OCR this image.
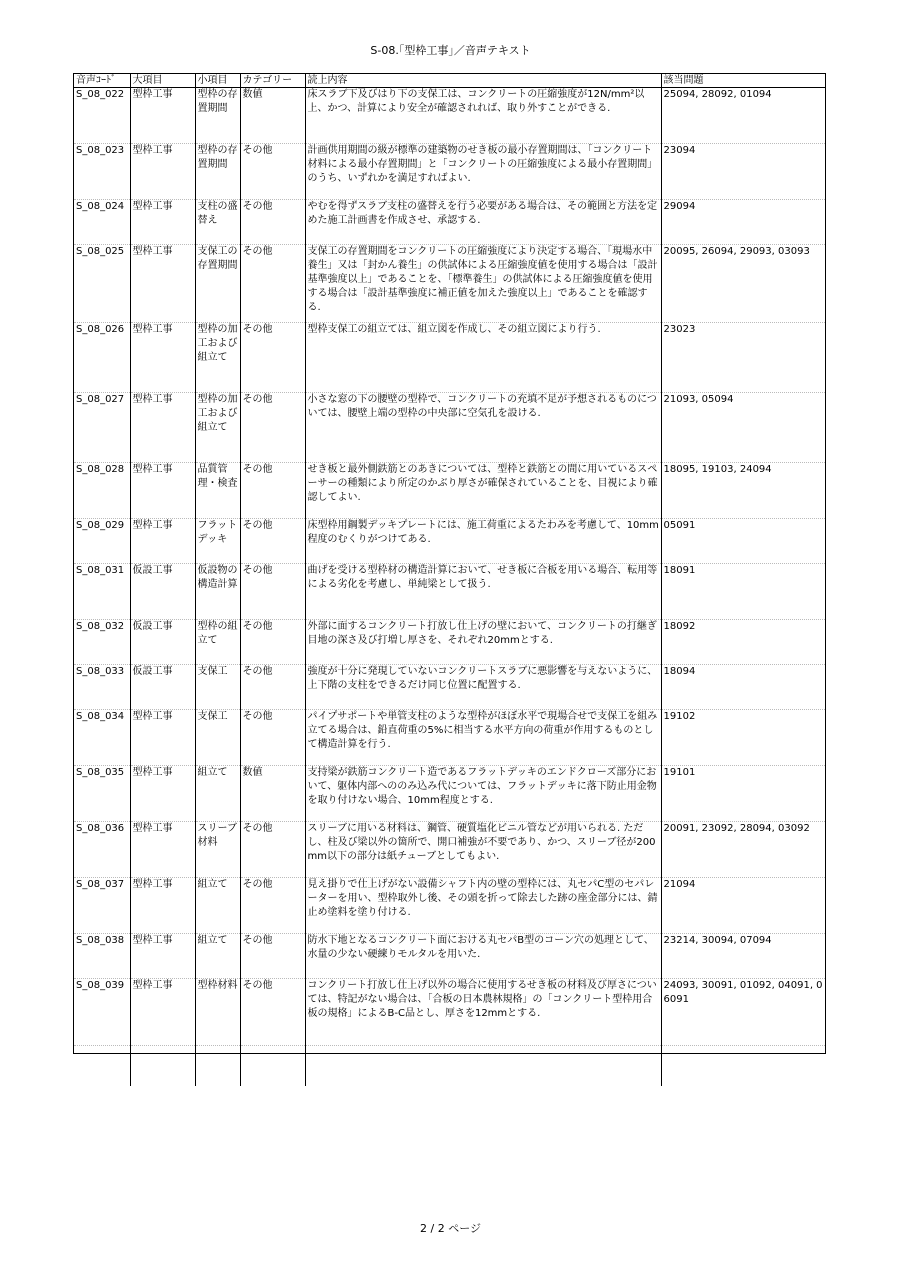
S-08.｢型枠工事｣／音声テキスト
音声ｺｰﾄﾞ	大項目	小項目	カテゴリー	読上内容	該当問題
S_08_022	型枠工事	型枠の存置期間	数値	床スラブ下及びはり下の支保工は、コンクリートの圧縮強度が12N/mm²以上、かつ、計算により安全が確認されれば、取り外すことができる.	25094, 28092, 01094
S_08_023	型枠工事	型枠の存置期間	その他	計画供用期間の級が標準の建築物のせき板の最小存置期間は、「コンクリート材料による最小存置期間」と「コンクリートの圧縮強度による最小存置期間」のうち、いずれかを満足すればよい.	23094
S_08_024	型枠工事	支柱の盛替え	その他	やむを得ずスラブ支柱の盛替えを行う必要がある場合は、その範囲と方法を定めた施工計画書を作成させ、承認する.	29094
S_08_025	型枠工事	支保工の存置期間	その他	支保工の存置期間をコンクリートの圧縮強度により決定する場合、「現場水中養生」又は「封かん養生」の供試体による圧縮強度値を使用する場合は「設計基準強度以上」であることを、「標準養生」の供試体による圧縮強度値を使用する場合は「設計基準強度に補正値を加えた強度以上」であることを確認する.	20095, 26094, 29093, 03093
S_08_026	型枠工事	型枠の加工および組立て	その他	型枠支保工の組立ては、組立図を作成し、その組立図により行う.	23023
S_08_027	型枠工事	型枠の加工および組立て	その他	小さな窓の下の腰壁の型枠で、コンクリートの充填不足が予想されるものについては、腰壁上端の型枠の中央部に空気孔を設ける.	21093, 05094
S_08_028	型枠工事	品質管理・検査	その他	せき板と最外側鉄筋とのあきについては、型枠と鉄筋との間に用いているスペーサーの種類により所定のかぶり厚さが確保されていることを、目視により確認してよい.	18095, 19103, 24094
S_08_029	型枠工事	フラットデッキ	その他	床型枠用鋼製デッキプレートには、施工荷重によるたわみを考慮して、10mm程度のむくりがつけてある.	05091
S_08_031	仮設工事	仮設物の構造計算	その他	曲げを受ける型枠材の構造計算において、せき板に合板を用いる場合、転用等による劣化を考慮し、単純梁として扱う.	18091
S_08_032	仮設工事	型枠の組立て	その他	外部に面するコンクリート打放し仕上げの壁において、コンクリートの打継ぎ目地の深さ及び打増し厚さを、それぞれ20mmとする.	18092
S_08_033	仮設工事	支保工	その他	強度が十分に発現していないコンクリートスラブに悪影響を与えないように、上下階の支柱をできるだけ同じ位置に配置する.	18094
S_08_034	型枠工事	支保工	その他	パイプサポートや単管支柱のような型枠がほぼ水平で現場合せで支保工を組み立てる場合は、鉛直荷重の5%に相当する水平方向の荷重が作用するものとして構造計算を行う.	19102
S_08_035	型枠工事	組立て	数値	支持梁が鉄筋コンクリート造であるフラットデッキのエンドクローズ部分において、躯体内部へののみ込み代については、フラットデッキに落下防止用金物を取り付けない場合、10mm程度とする.	19101
S_08_036	型枠工事	スリーブ材料	その他	スリーブに用いる材料は、鋼管、硬質塩化ビニル管などが用いられる. ただし、柱及び梁以外の箇所で、開口補強が不要であり、かつ、スリーブ径が200mm以下の部分は紙チューブとしてもよい.	20091, 23092, 28094, 03092
S_08_037	型枠工事	組立て	その他	見え掛りで仕上げがない設備シャフト内の壁の型枠には、丸セパC型のセパレーターを用い、型枠取外し後、その頭を折って除去した跡の座金部分には、錆止め塗料を塗り付ける.	21094
S_08_038	型枠工事	組立て	その他	防水下地となるコンクリート面における丸セパB型のコーン穴の処理として、水量の少ない硬練りモルタルを用いた.	23214, 30094, 07094
S_08_039	型枠工事	型枠材料	その他	コンクリート打放し仕上げ以外の場合に使用するせき板の材料及び厚さについては、特記がない場合は、「合板の日本農林規格」の「コンクリート型枠用合板の規格」によるB-C品とし、厚さを12mmとする.	24093, 30091, 01092, 04091, 06091

2 / 2 ページ
